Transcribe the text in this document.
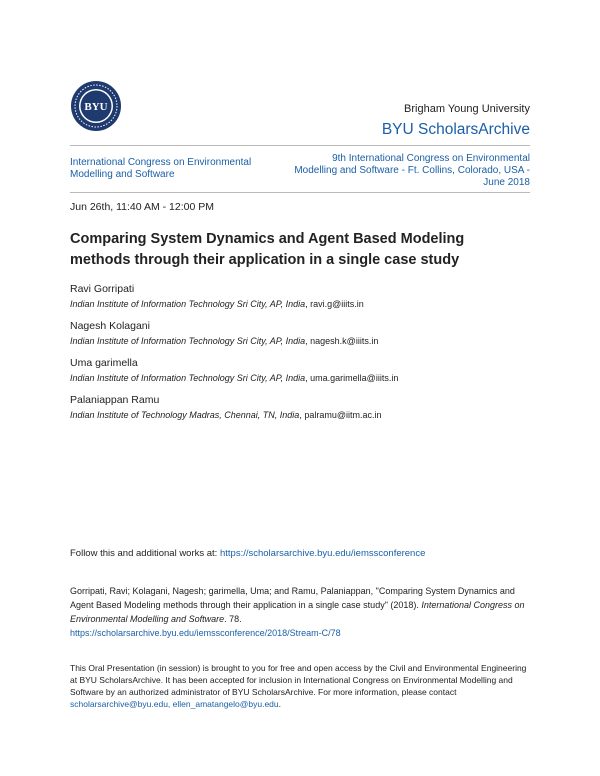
BYU	Brigham Young University
BYU ScholarsArchive
International Congress on Environmental Modelling and Software
9th International Congress on Environmental Modelling and Software - Ft. Collins, Colorado, USA - June 2018
Jun 26th, 11:40 AM - 12:00 PM
Comparing System Dynamics and Agent Based Modeling methods through their application in a single case study
Ravi Gorripati
Indian Institute of Information Technology Sri City, AP, India, ravi.g@iiits.in
Nagesh Kolagani
Indian Institute of Information Technology Sri City, AP, India, nagesh.k@iiits.in
Uma garimella
Indian Institute of Information Technology Sri City, AP, India, uma.garimella@iiits.in
Palaniappan Ramu
Indian Institute of Technology Madras, Chennai, TN, India, palramu@iitm.ac.in
Follow this and additional works at: https://scholarsarchive.byu.edu/iemssconference
Gorripati, Ravi; Kolagani, Nagesh; garimella, Uma; and Ramu, Palaniappan, "Comparing System Dynamics and Agent Based Modeling methods through their application in a single case study" (2018). International Congress on Environmental Modelling and Software. 78.
https://scholarsarchive.byu.edu/iemssconference/2018/Stream-C/78
This Oral Presentation (in session) is brought to you for free and open access by the Civil and Environmental Engineering at BYU ScholarsArchive. It has been accepted for inclusion in International Congress on Environmental Modelling and Software by an authorized administrator of BYU ScholarsArchive. For more information, please contact scholarsarchive@byu.edu, ellen_amatangelo@byu.edu.
